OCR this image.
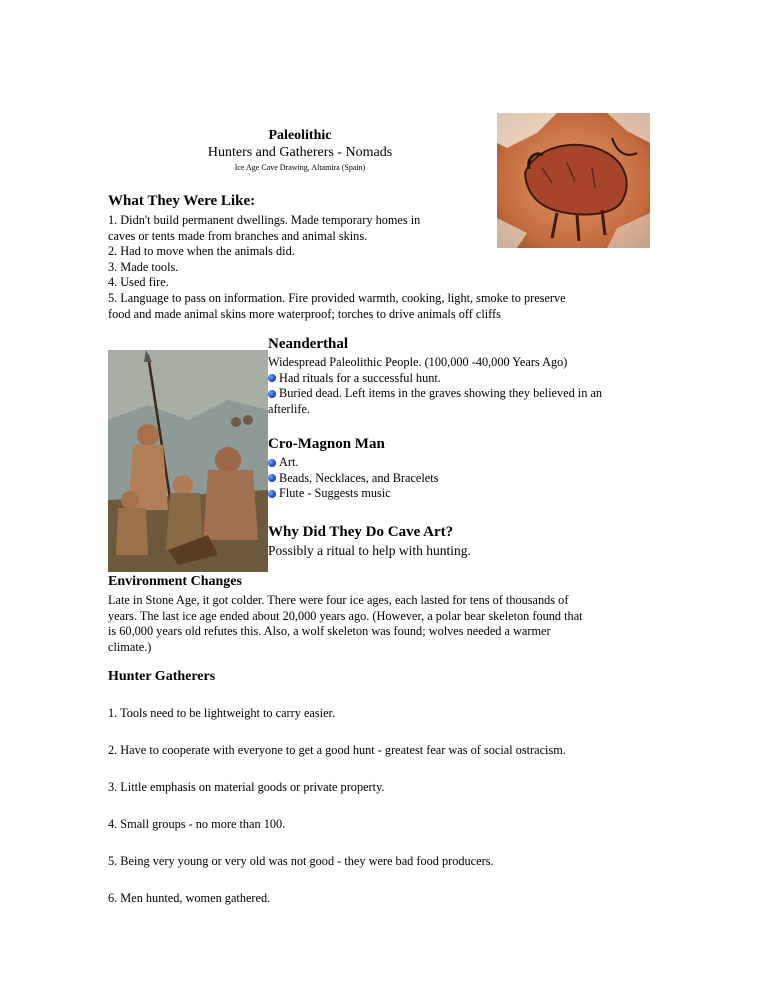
Paleolithic
Hunters and Gatherers - Nomads
Ice Age Cave Drawing, Altamira (Spain)
What They Were Like:

1. Didn't build permanent dwellings. Made temporary homes in

caves or tents made from branches and animal skins.

2. Had to move when the animals did.

3. Made tools.

4. Used fire.

5. Language to pass on information. Fire provided warmth, cooking, light, smoke to preserve

food and made animal skins more waterproof; torches to drive animals off cliffs

Neanderthal

Widespread Paleolithic People. (100,000 -40,000 Years Ago)

Had rituals for a successful hunt.
Buried dead. Left items in the graves showing they believed in an

afterlife.

Cro-Magnon Man
Art.
Beads, Necklaces, and Bracelets
Flute - Suggests music
Why Did They Do Cave Art?

Possibly a ritual to help with hunting.

Environment Changes

Late in Stone Age, it got colder. There were four ice ages, each lasted for tens of thousands of

years. The last ice age ended about 20,000 years ago. (However, a polar bear skeleton found that

is 60,000 years old refutes this. Also, a wolf skeleton was found; wolves needed a warmer

climate.)

Hunter Gatherers

1. Tools need to be lightweight to carry easier.

2. Have to cooperate with everyone to get a good hunt - greatest fear was of social ostracism.

3. Little emphasis on material goods or private property.

4. Small groups - no more than 100.

5. Being very young or very old was not good - they were bad food producers.

6. Men hunted, women gathered.
